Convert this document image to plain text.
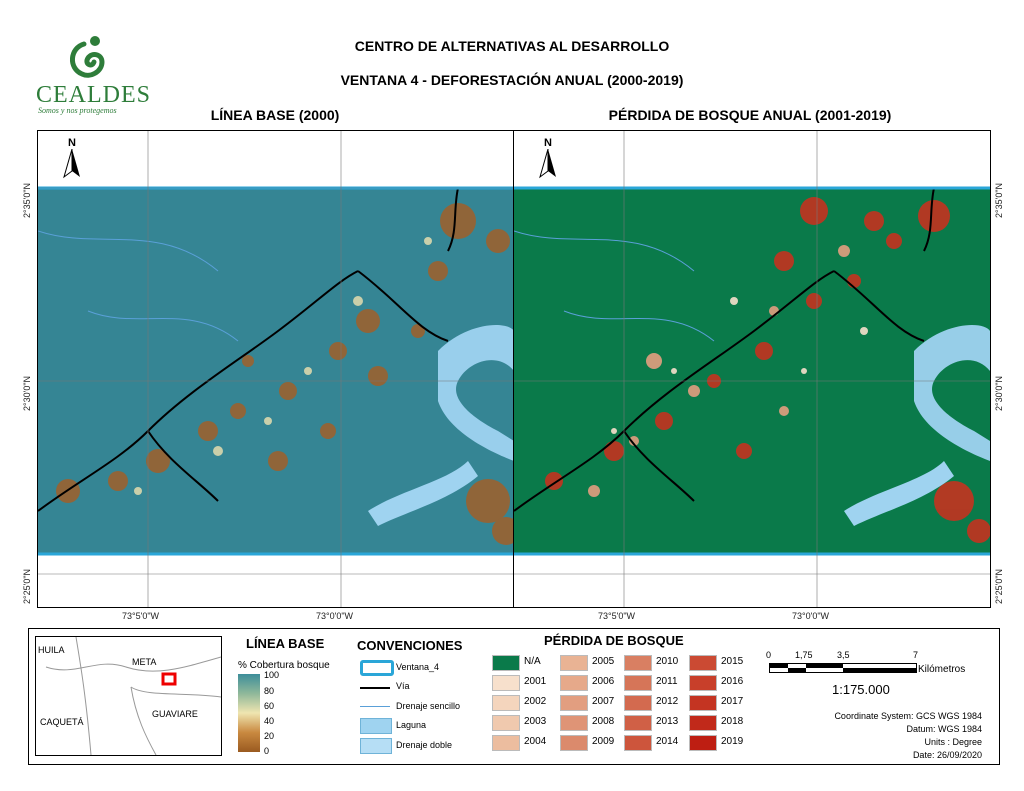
CENTRO DE ALTERNATIVAS AL DESARROLLO
VENTANA 4 - DEFORESTACIÓN ANUAL (2000-2019)
CEALDES
Somos y nos protegemos	LÍNEA BASE (2000)	PÉRDIDA DE BOSQUE ANUAL (2001-2019)
N	N
73°5'0"W	73°0'0"W	73°5'0"W	73°0'0"W
2°35'0"N
2°30'0"N
2°25'0"N
2°35'0"N
2°30'0"N
2°25'0"N
HUILA
META
CAQUETÁ
GUAVIARE
LÍNEA BASE
% Cobertura bosque
100
80
60
40
20
0
CONVENCIONES
Ventana_4
Vía
Drenaje sencillo
Laguna
Drenaje doble
PÉRDIDA DE BOSQUE
N/A
2001
2002
2003
2004
2005
2006
2007
2008
2009
2010
2011
2012
2013
2014
2015
2016
2017
2018
2019
0	1,75	3,5	7
Kilómetros
1:175.000
Coordinate System: GCS WGS 1984
Datum: WGS 1984
Units : Degree
Date: 26/09/2020
